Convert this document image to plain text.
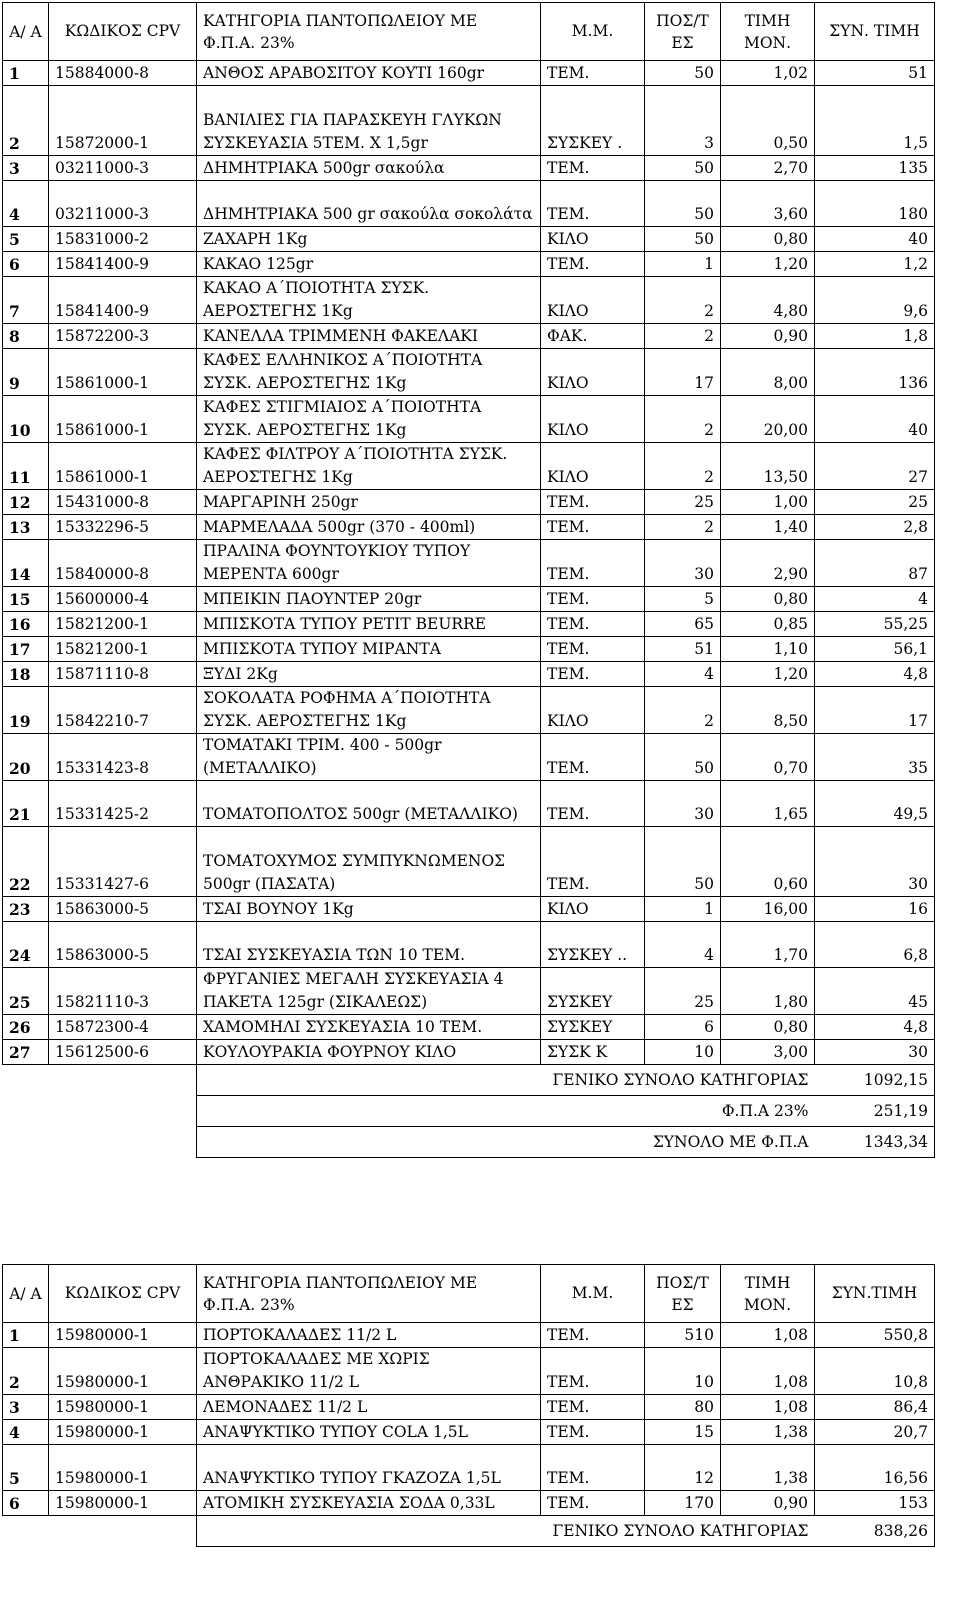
Α/ Α	ΚΩΔΙΚΟΣ CPV	ΚΑΤΗΓΟΡΙΑ ΠΑΝΤΟΠΩΛΕΙΟΥ ΜΕ Φ.Π.Α. 23%	Μ.Μ.	ΠΟΣ/Τ ΕΣ	ΤΙΜΗ ΜΟΝ.	ΣΥΝ. ΤΙΜΗ
1	15884000-8	ΑΝΘΟΣ ΑΡΑΒΟΣΙΤΟΥ ΚΟΥΤΙ 160gr	ΤΕΜ.	50	1,02	51
2	15872000-1	ΒΑΝΙΛΙΕΣ ΓΙΑ ΠΑΡΑΣΚΕΥΗ ΓΛΥΚΩΝ ΣΥΣΚΕΥΑΣΙΑ 5ΤΕΜ. Χ 1,5gr	ΣΥΣΚΕΥ .	3	0,50	1,5
3	03211000-3	ΔΗΜΗΤΡΙΑΚΑ 500gr σακούλα	ΤΕΜ.	50	2,70	135
4	03211000-3	ΔΗΜΗΤΡΙΑΚΑ 500 gr σακούλα σοκολάτα	ΤΕΜ.	50	3,60	180
5	15831000-2	ΖΑΧΑΡΗ 1Kg	ΚΙΛΟ	50	0,80	40
6	15841400-9	ΚΑΚΑΟ 125gr	ΤΕΜ.	1	1,20	1,2
7	15841400-9	ΚΑΚΑΟ Α΄ΠΟΙΟΤΗΤΑ ΣΥΣΚ. ΑΕΡΟΣΤΕΓΗΣ 1Kg	ΚΙΛΟ	2	4,80	9,6
8	15872200-3	ΚΑΝΕΛΛΑ ΤΡΙΜΜΕΝΗ ΦΑΚΕΛΑΚΙ	ΦΑΚ.	2	0,90	1,8
9	15861000-1	ΚΑΦΕΣ ΕΛΛΗΝΙΚΟΣ Α΄ΠΟΙΟΤΗΤΑ ΣΥΣΚ. ΑΕΡΟΣΤΕΓΗΣ 1Kg	ΚΙΛΟ	17	8,00	136
10	15861000-1	ΚΑΦΕΣ ΣΤΙΓΜΙΑΙΟΣ Α΄ΠΟΙΟΤΗΤΑ ΣΥΣΚ. ΑΕΡΟΣΤΕΓΗΣ 1Kg	ΚΙΛΟ	2	20,00	40
11	15861000-1	ΚΑΦΕΣ ΦΙΛΤΡΟΥ Α΄ΠΟΙΟΤΗΤΑ ΣΥΣΚ. ΑΕΡΟΣΤΕΓΗΣ 1Kg	ΚΙΛΟ	2	13,50	27
12	15431000-8	ΜΑΡΓΑΡΙΝΗ 250gr	ΤΕΜ.	25	1,00	25
13	15332296-5	ΜΑΡΜΕΛΑΔΑ 500gr (370 - 400ml)	ΤΕΜ.	2	1,40	2,8
14	15840000-8	ΠΡΑΛΙΝΑ ΦΟΥΝΤΟΥΚΙΟΥ ΤΥΠΟΥ ΜΕΡΕΝΤΑ 600gr	ΤΕΜ.	30	2,90	87
15	15600000-4	ΜΠΕΙΚΙΝ ΠΑΟΥΝΤΕΡ 20gr	ΤΕΜ.	5	0,80	4
16	15821200-1	ΜΠΙΣΚΟΤΑ ΤΥΠΟΥ PETIT BEURRE	ΤΕΜ.	65	0,85	55,25
17	15821200-1	ΜΠΙΣΚΟΤΑ ΤΥΠΟΥ ΜΙΡΑΝΤΑ	ΤΕΜ.	51	1,10	56,1
18	15871110-8	ΞΥΔΙ 2Kg	ΤΕΜ.	4	1,20	4,8
19	15842210-7	ΣΟΚΟΛΑΤΑ ΡΟΦΗΜΑ Α΄ΠΟΙΟΤΗΤΑ ΣΥΣΚ. ΑΕΡΟΣΤΕΓΗΣ 1Kg	ΚΙΛΟ	2	8,50	17
20	15331423-8	ΤΟΜΑΤΑΚΙ ΤΡΙΜ. 400 - 500gr (ΜΕΤΑΛΛΙΚΟ)	ΤΕΜ.	50	0,70	35
21	15331425-2	ΤΟΜΑΤΟΠΟΛΤΟΣ 500gr (ΜΕΤΑΛΛΙΚΟ)	ΤΕΜ.	30	1,65	49,5
22	15331427-6	ΤΟΜΑΤΟΧΥΜΟΣ ΣΥΜΠΥΚΝΩΜΕΝΟΣ 500gr (ΠΑΣΑΤΑ)	ΤΕΜ.	50	0,60	30
23	15863000-5	ΤΣΑΙ ΒΟΥΝΟΥ 1Kg	ΚΙΛΟ	1	16,00	16
24	15863000-5	ΤΣΑΙ ΣΥΣΚΕΥΑΣΙΑ ΤΩΝ 10 ΤΕΜ.	ΣΥΣΚΕΥ ..	4	1,70	6,8
25	15821110-3	ΦΡΥΓΑΝΙΕΣ ΜΕΓΑΛΗ ΣΥΣΚΕΥΑΣΙΑ 4 ΠΑΚΕΤΑ 125gr (ΣΙΚΑΛΕΩΣ)	ΣΥΣΚΕΥ	25	1,80	45
26	15872300-4	ΧΑΜΟΜΗΛΙ ΣΥΣΚΕΥΑΣΙΑ 10 ΤΕΜ.	ΣΥΣΚΕΥ	6	0,80	4,8
27	15612500-6	ΚΟΥΛΟΥΡΑΚΙΑ ΦΟΥΡΝΟΥ ΚΙΛΟ	ΣΥΣΚ Κ	10	3,00	30
		ΓΕΝΙΚΟ ΣΥΝΟΛΟ ΚΑΤΗΓΟΡΙΑΣ				1092,15
		Φ.Π.Α 23%				251,19
		ΣΥΝΟΛΟ ΜΕ Φ.Π.Α				1343,34
Α/ Α	ΚΩΔΙΚΟΣ CPV	ΚΑΤΗΓΟΡΙΑ ΠΑΝΤΟΠΩΛΕΙΟΥ ΜΕ Φ.Π.Α. 23%	Μ.Μ.	ΠΟΣ/Τ ΕΣ	ΤΙΜΗ ΜΟΝ.	ΣΥΝ.ΤΙΜΗ
1	15980000-1	ΠΟΡΤΟΚΑΛΑΔΕΣ 11/2 L	ΤΕΜ.	510	1,08	550,8
2	15980000-1	ΠΟΡΤΟΚΑΛΑΔΕΣ ΜΕ ΧΩΡΙΣ ΑΝΘΡΑΚΙΚΟ 11/2 L	ΤΕΜ.	10	1,08	10,8
3	15980000-1	ΛΕΜΟΝΑΔΕΣ 11/2 L	ΤΕΜ.	80	1,08	86,4
4	15980000-1	ΑΝΑΨΥΚΤΙΚΟ ΤΥΠΟΥ COLA 1,5L	ΤΕΜ.	15	1,38	20,7
5	15980000-1	ΑΝΑΨΥΚΤΙΚΟ ΤΥΠΟΥ ΓΚΑΖΟΖΑ 1,5L	ΤΕΜ.	12	1,38	16,56
6	15980000-1	ΑΤΟΜΙΚΗ ΣΥΣΚΕΥΑΣΙΑ ΣΟΔΑ 0,33L	ΤΕΜ.	170	0,90	153
		ΓΕΝΙΚΟ ΣΥΝΟΛΟ ΚΑΤΗΓΟΡΙΑΣ				838,26
